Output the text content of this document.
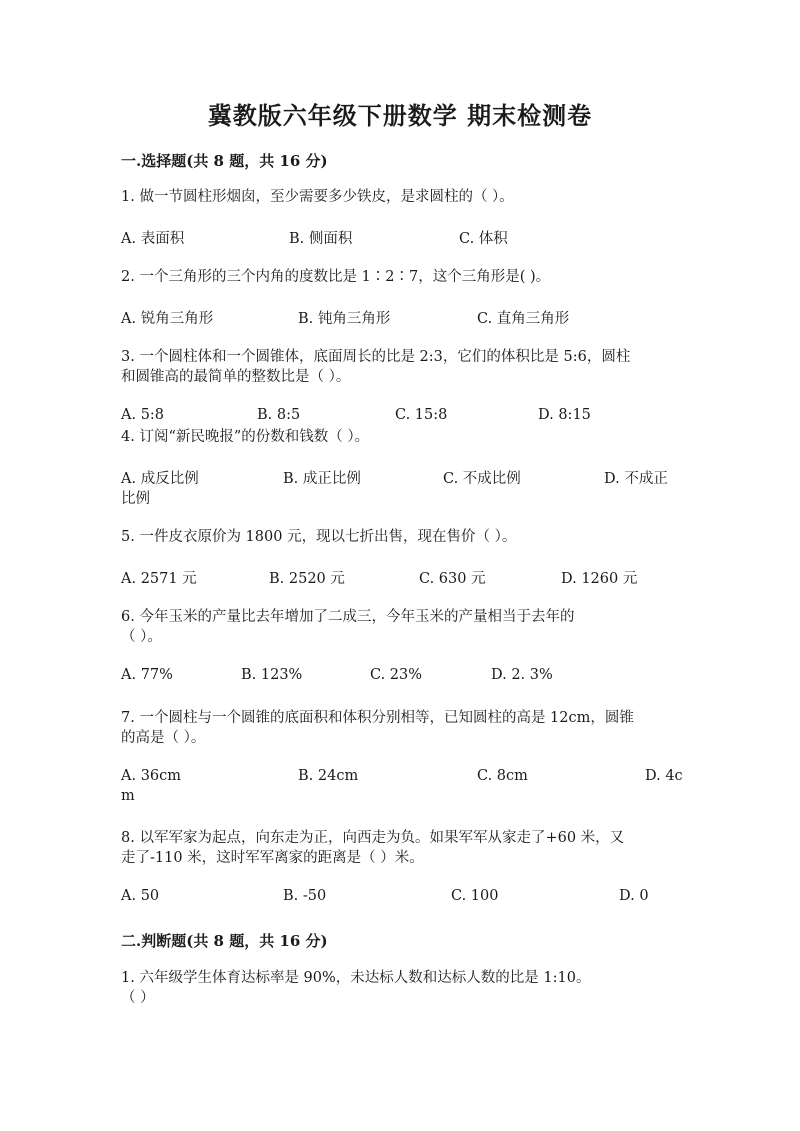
冀教版六年级下册数学 期末检测卷
一.选择题(共 8 题，共 16 分)
1. 做一节圆柱形烟囱，至少需要多少铁皮，是求圆柱的（ ）。
A. 表面积	B. 侧面积	C. 体积
2. 一个三角形的三个内角的度数比是 1∶2∶7，这个三角形是( )。
A. 锐角三角形	B. 钝角三角形	C. 直角三角形
3. 一个圆柱体和一个圆锥体，底面周长的比是 2:3，它们的体积比是 5:6，圆柱
和圆锥高的最简单的整数比是（ ）。
A. 5:8	B. 8:5	C. 15:8	D. 8:15
4. 订阅“新民晚报”的份数和钱数（ ）。
A. 成反比例	B. 成正比例	C. 不成比例	D. 不成正
比例
5. 一件皮衣原价为 1800 元，现以七折出售，现在售价（ ）。
A. 2571 元	B. 2520 元	C. 630 元	D. 1260 元
6. 今年玉米的产量比去年增加了二成三，今年玉米的产量相当于去年的
（ ）。
A. 77%	B. 123%	C. 23%	D. 2. 3%
7. 一个圆柱与一个圆锥的底面积和体积分别相等，已知圆柱的高是 12cm，圆锥
的高是（ ）。
A. 36cm	B. 24cm	C. 8cm	D. 4c
m
8. 以军军家为起点，向东走为正，向西走为负。如果军军从家走了+60 米，又
走了-110 米，这时军军离家的距离是（ ）米。
A. 50	B. -50	C. 100	D. 0
二.判断题(共 8 题，共 16 分)
1. 六年级学生体育达标率是 90%，未达标人数和达标人数的比是 1:10。
（ ）
